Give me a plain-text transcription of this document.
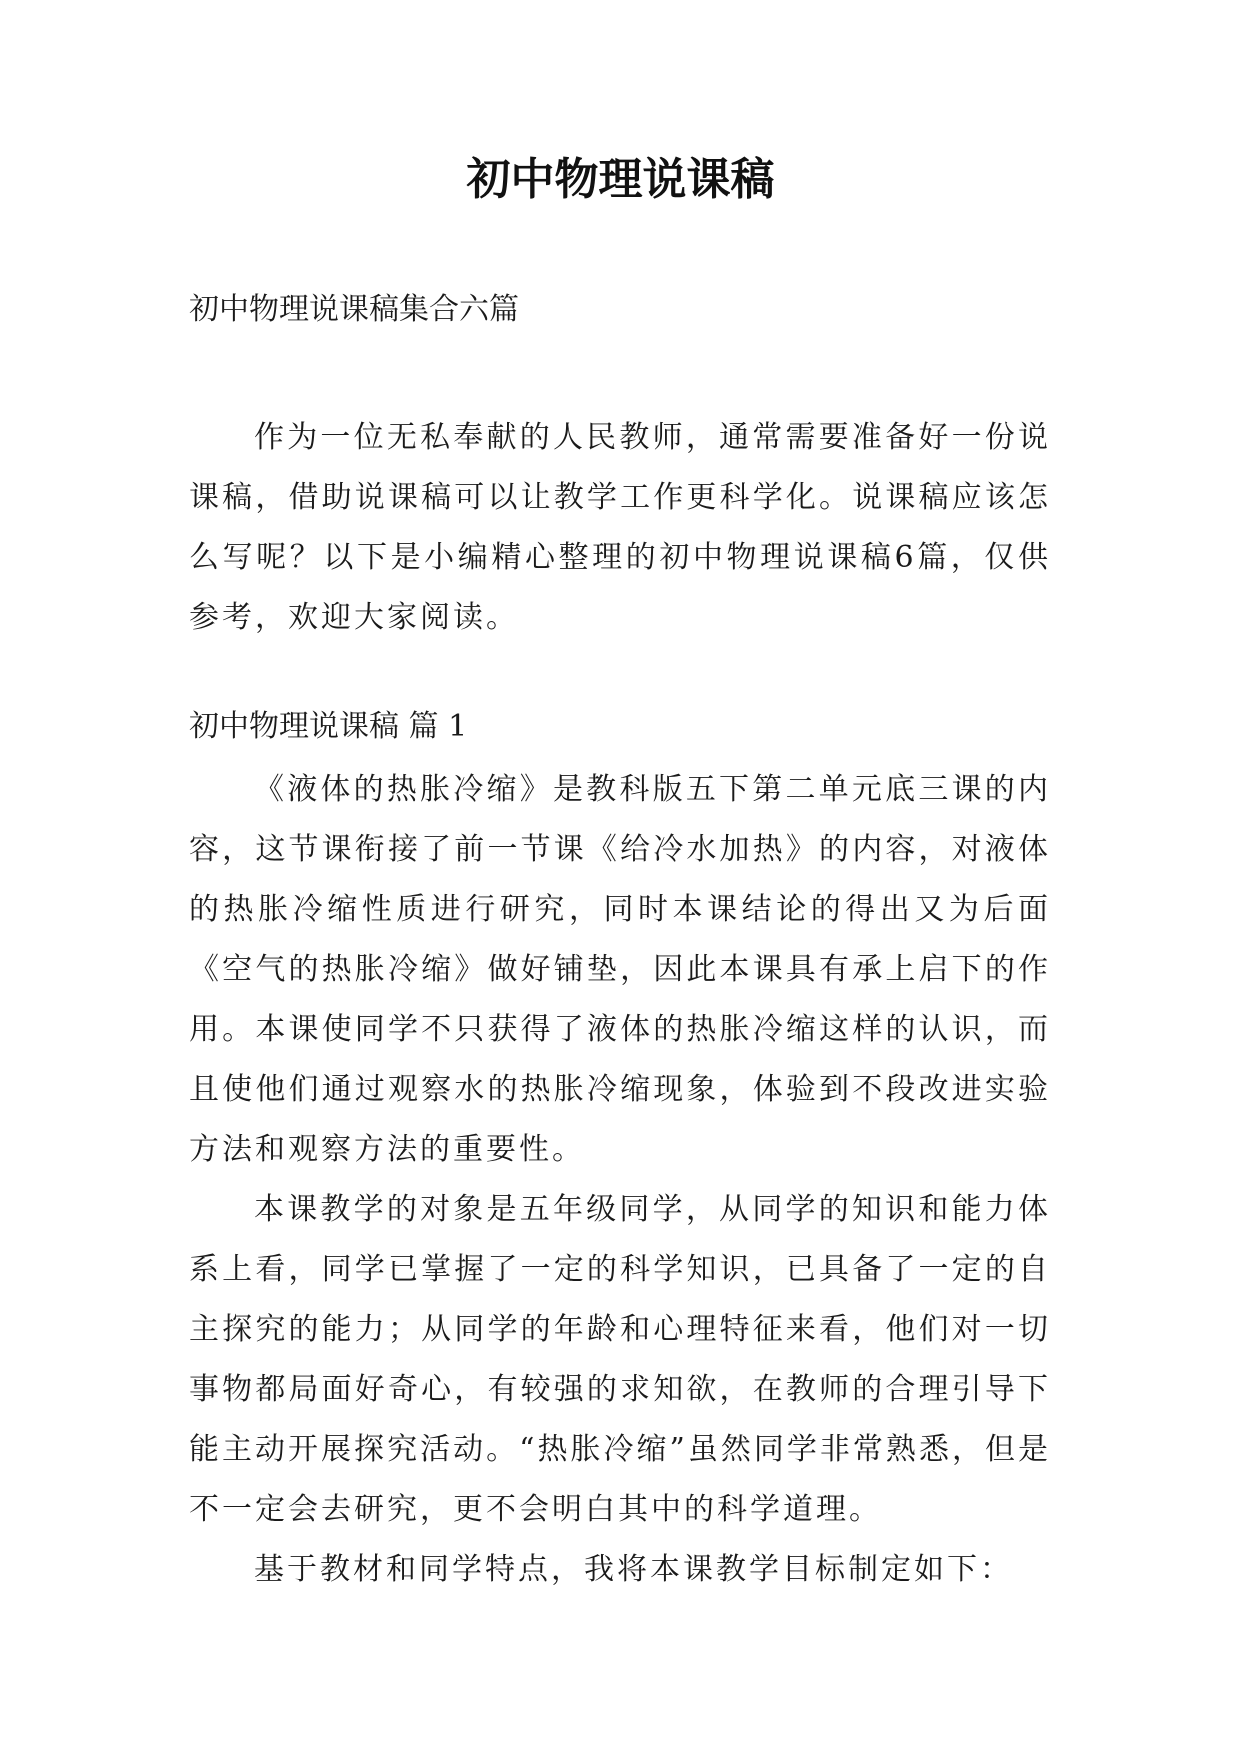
初中物理说课稿

初中物理说课稿集合六篇

作为一位无私奉献的人民教师，通常需要准备好一份说课稿，借助说课稿可以让教学工作更科学化。说课稿应该怎么写呢？以下是小编精心整理的初中物理说课稿6篇，仅供参考，欢迎大家阅读。

初中物理说课稿 篇 1

《液体的热胀冷缩》是教科版五下第二单元底三课的内容，这节课衔接了前一节课《给冷水加热》的内容，对液体的热胀冷缩性质进行研究，同时本课结论的得出又为后面《空气的热胀冷缩》做好铺垫，因此本课具有承上启下的作用。本课使同学不只获得了液体的热胀冷缩这样的认识，而且使他们通过观察水的热胀冷缩现象，体验到不段改进实验方法和观察方法的重要性。

本课教学的对象是五年级同学，从同学的知识和能力体系上看，同学已掌握了一定的科学知识，已具备了一定的自主探究的能力；从同学的年龄和心理特征来看，他们对一切事物都局面好奇心，有较强的求知欲，在教师的合理引导下能主动开展探究活动。“热胀冷缩”虽然同学非常熟悉，但是不一定会去研究，更不会明白其中的科学道理。

基于教材和同学特点，我将本课教学目标制定如下：
